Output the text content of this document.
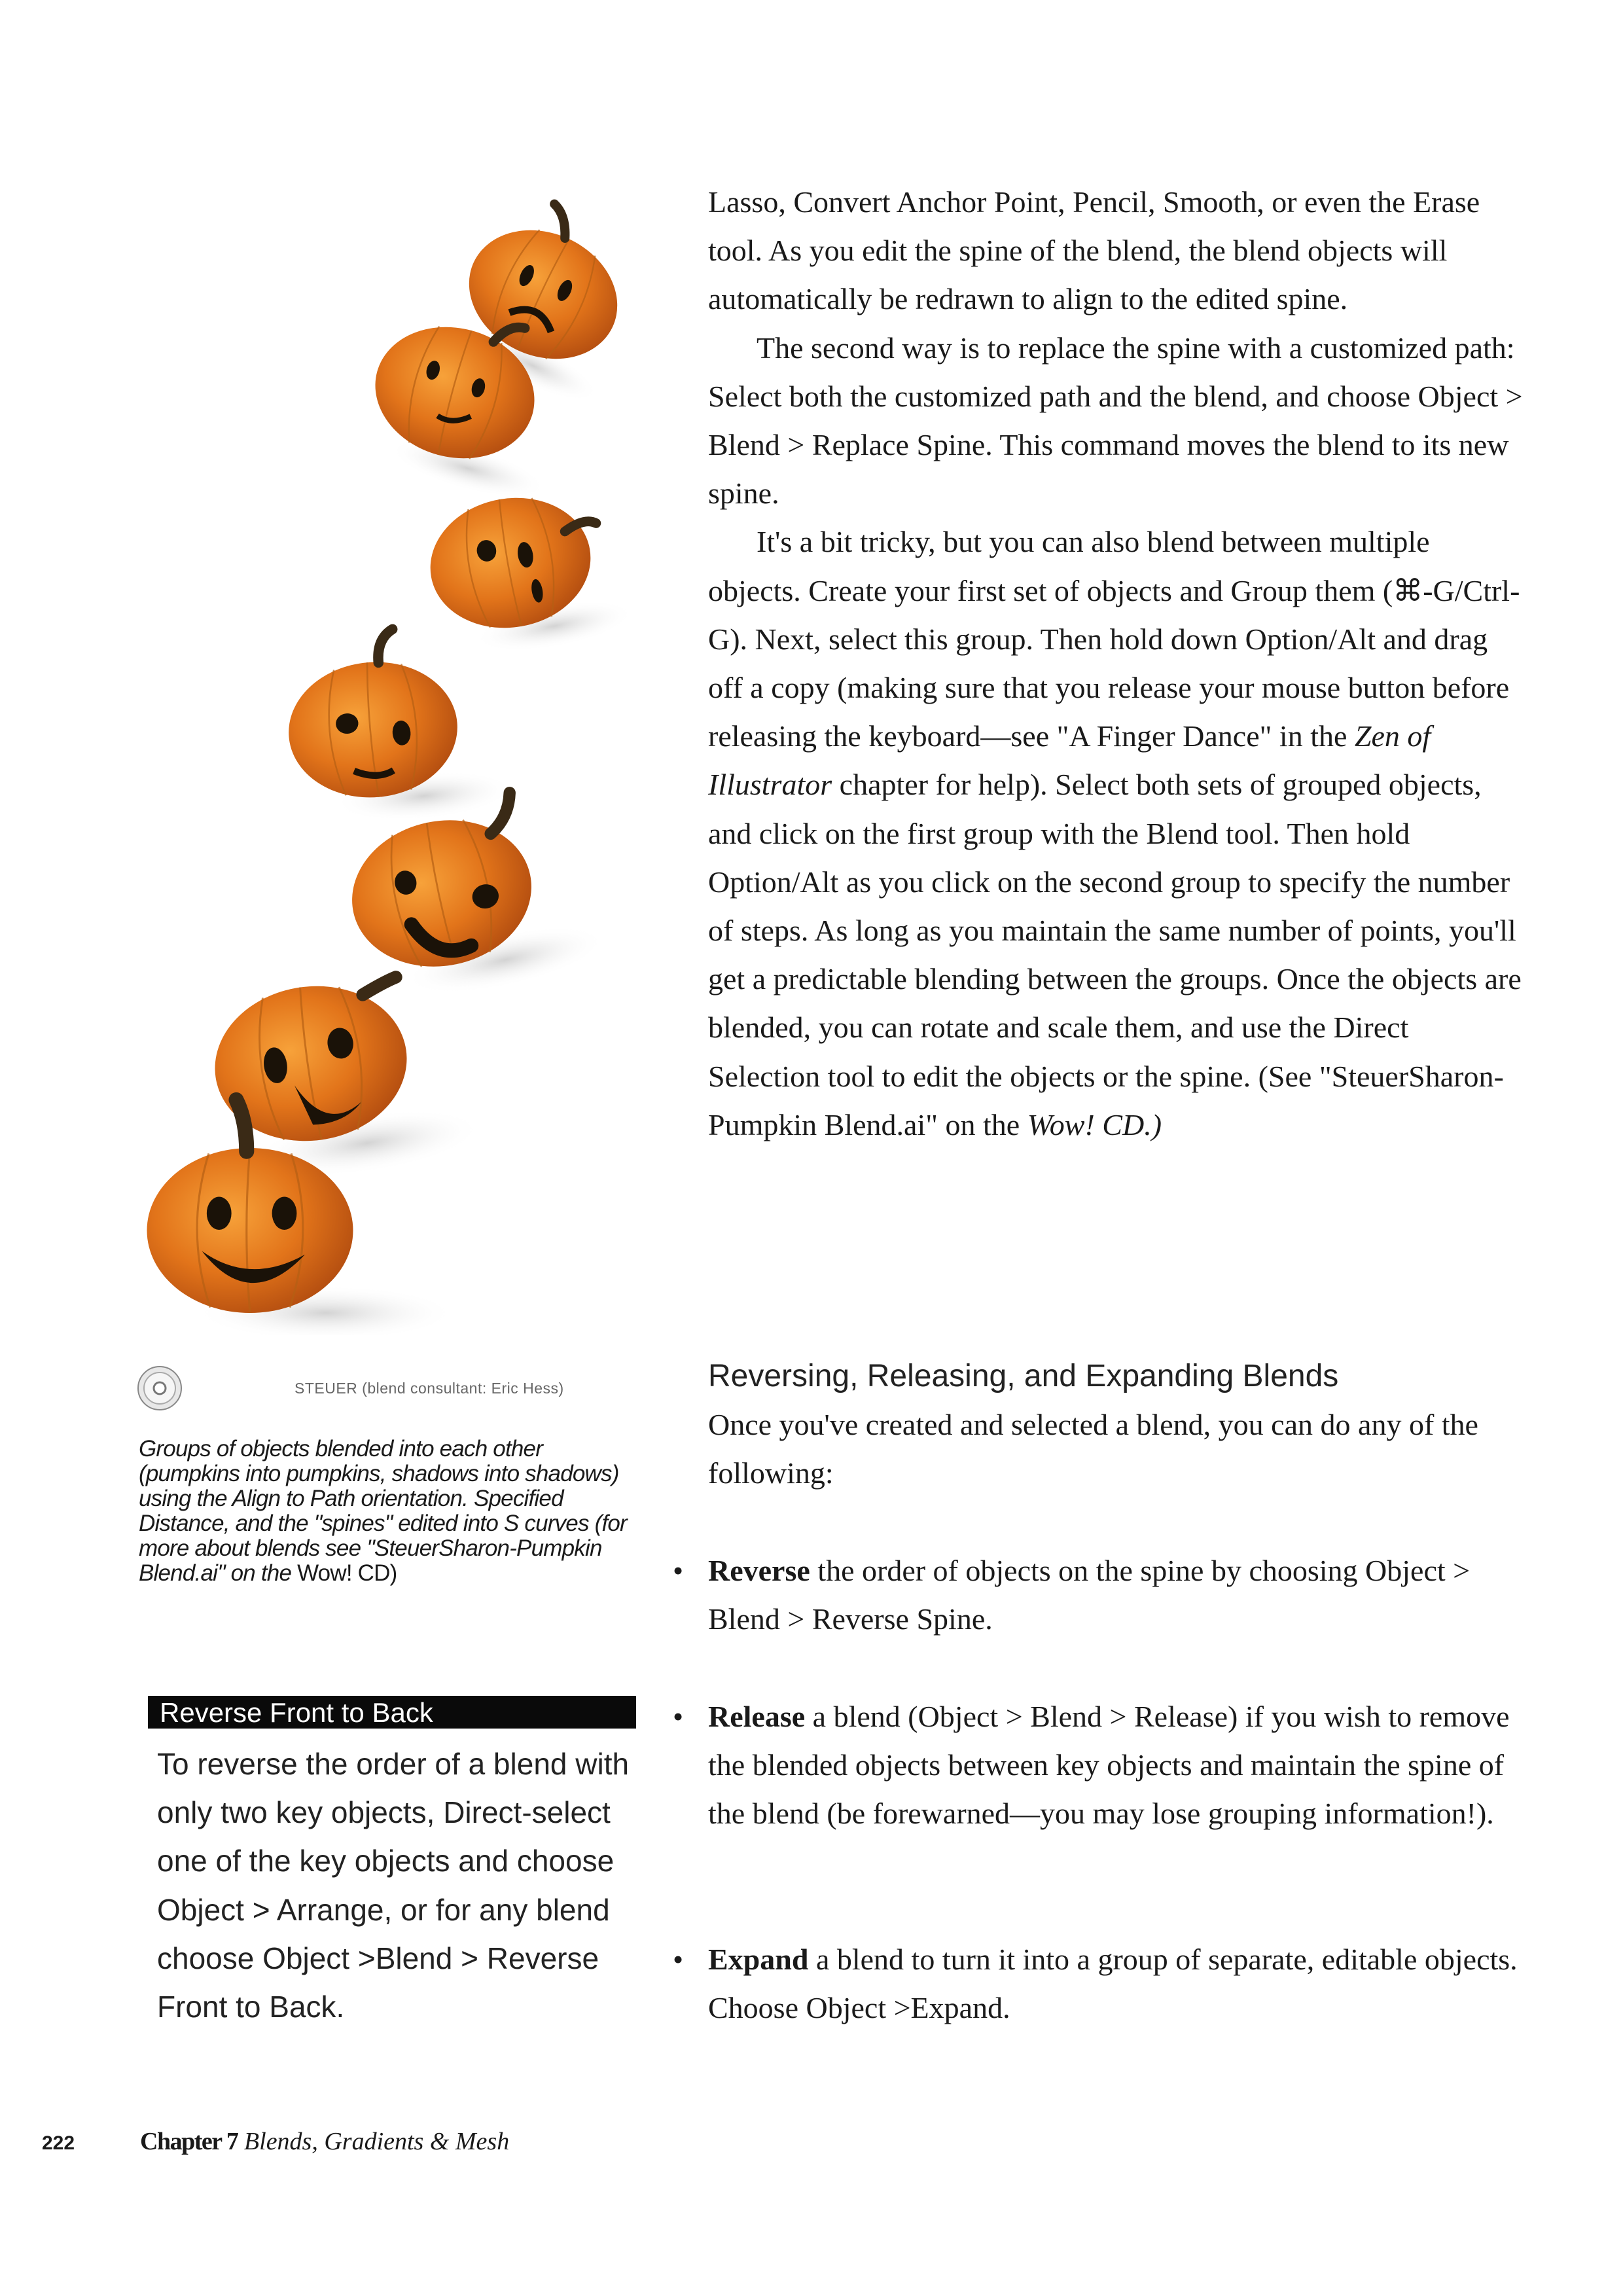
Lasso, Convert Anchor Point, Pencil, Smooth, or even the Erase tool. As you edit the spine of the blend, the blend objects will automatically be redrawn to align to the edited spine.

The second way is to replace the spine with a customized path: Select both the customized path and the blend, and choose Object > Blend > Replace Spine. This command moves the blend to its new spine.

It's a bit tricky, but you can also blend between multiple objects. Create your first set of objects and Group them (⌘-G/Ctrl-G). Next, select this group. Then hold down Option/Alt and drag off a copy (making sure that you release your mouse button before releasing the keyboard—see "A Finger Dance" in the Zen of Illustrator chapter for help). Select both sets of grouped objects, and click on the first group with the Blend tool. Then hold Option/Alt as you click on the second group to specify the number of steps. As long as you maintain the same number of points, you'll get a predictable blending between the groups. Once the objects are blended, you can rotate and scale them, and use the Direct Selection tool to edit the objects or the spine. (See "SteuerSharon-Pumpkin Blend.ai" on the Wow! CD.)

Reversing, Releasing, and Expanding Blends
Once you've created and selected a blend, you can do any of the following:
• Reverse the order of objects on the spine by choosing Object > Blend > Reverse Spine.
• Release a blend (Object > Blend > Release) if you wish to remove the blended objects between key objects and maintain the spine of the blend (be forewarned—you may lose grouping information!).
• Expand a blend to turn it into a group of separate, editable objects. Choose Object >Expand.
STEUER (blend consultant: Eric Hess)
Groups of objects blended into each other (pumpkins into pumpkins, shadows into shadows) using the Align to Path orientation. Specified Distance, and the "spines" edited into S curves (for more about blends see "SteuerSharon-Pumpkin Blend.ai" on the Wow! CD)
Reverse Front to Back
To reverse the order of a blend with only two key objects, Direct-select one of the key objects and choose Object > Arrange, or for any blend choose Object >Blend > Reverse Front to Back.
222	Chapter 7 Blends, Gradients & Mesh
